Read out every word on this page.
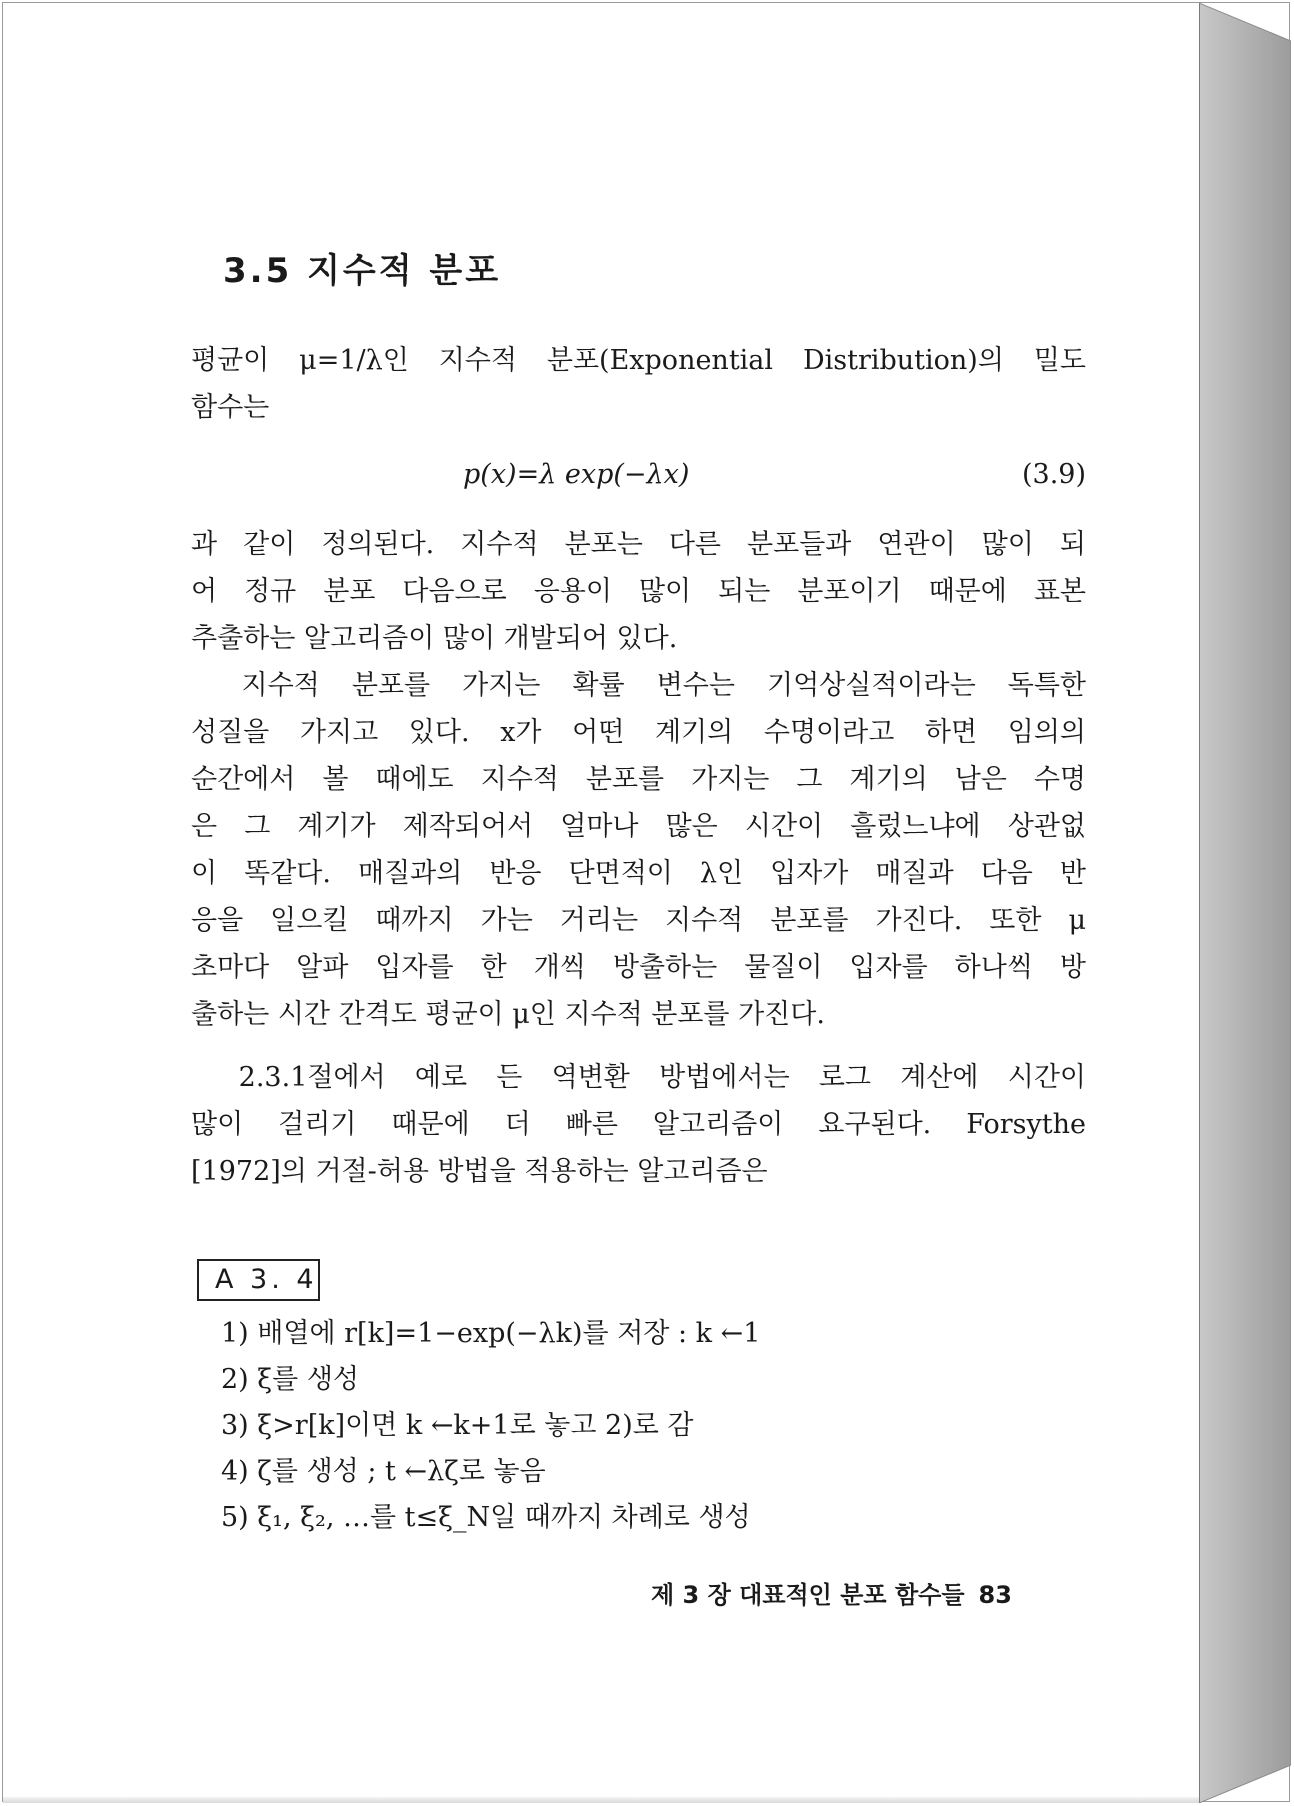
3.5 지수적 분포
평균이 μ=1/λ인 지수적 분포(Exponential Distribution)의 밀도
함수는
p(x)=λ exp(−λx)	(3.9)
과 같이 정의된다. 지수적 분포는 다른 분포들과 연관이 많이 되
어 정규 분포 다음으로 응용이 많이 되는 분포이기 때문에 표본
추출하는 알고리즘이 많이 개발되어 있다.
　지수적 분포를 가지는 확률 변수는 기억상실적이라는 독특한
성질을 가지고 있다. x가 어떤 계기의 수명이라고 하면 임의의
순간에서 볼 때에도 지수적 분포를 가지는 그 계기의 남은 수명
은 그 계기가 제작되어서 얼마나 많은 시간이 흘렀느냐에 상관없
이 똑같다. 매질과의 반응 단면적이 λ인 입자가 매질과 다음 반
응을 일으킬 때까지 가는 거리는 지수적 분포를 가진다. 또한 μ
초마다 알파 입자를 한 개씩 방출하는 물질이 입자를 하나씩 방
출하는 시간 간격도 평균이 μ인 지수적 분포를 가진다.
　2.3.1절에서 예로 든 역변환 방법에서는 로그 계산에 시간이
많이 걸리기 때문에 더 빠른 알고리즘이 요구된다. Forsythe
[1972]의 거절-허용 방법을 적용하는 알고리즘은
A 3. 4
1) 배열에 r[k]=1−exp(−λk)를 저장 : k ←1
2) ξ를 생성
3) ξ>r[k]이면 k ←k+1로 놓고 2)로 감
4) ζ를 생성 ; t ←λζ로 놓음
5) ξ₁, ξ₂, …를 t≤ξ_N일 때까지 차례로 생성
제 3 장 대표적인 분포 함수들 83
